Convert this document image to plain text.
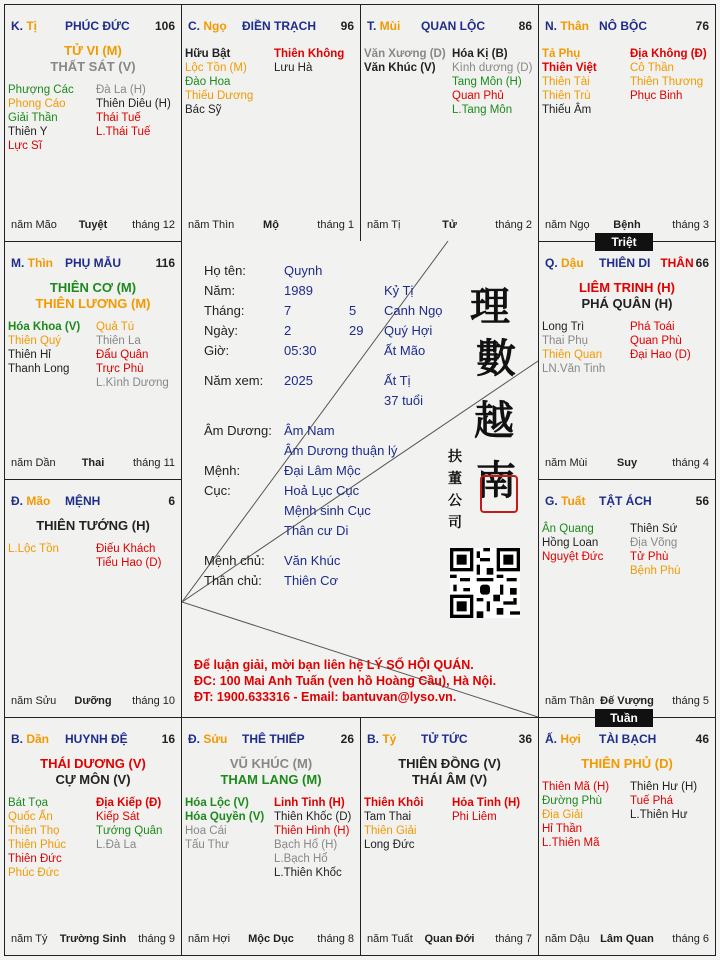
K. Tị PHÚC ĐỨC 106
TỬ VI (M)
THẤT SÁT (V)
Phượng Các
Phong Cáo
Giải Thần
Thiên Y
Lực Sĩ
Đà La (H)
Thiên Diêu (H)
Thái Tuế
L.Thái Tuế
năm Mão Tuyệt tháng 12
C. Ngọ ĐIỀN TRẠCH 96
Hữu Bật
Lộc Tồn (M)
Đào Hoa
Thiếu Dương
Bác Sỹ
Thiên Không
Lưu Hà
năm Thìn	Mộ	tháng 1
T. Mùi QUAN LỘC	86
Văn Xương (D)
Văn Khúc (V)
Hóa Kị (B)
Kình dương (D)
Tang Môn (H)
Quan Phủ
L.Tang Môn
năm Tị	Tử	tháng 2
N. Thân NÔ BỘC	76
Tả Phụ
Thiên Việt
Thiên Tài
Thiên Trù
Thiếu Âm
Địa Không (Đ)
Cô Thần
Thiên Thương
Phục Binh
năm Ngọ Bệnh	tháng 3
M. Thìn PHỤ MẪU	116
THIÊN CƠ (M)
THIÊN LƯƠNG (M)
Hóa Khoa (V)
Thiên Quý
Thiên Hỉ
Thanh Long
Quả Tú
Thiên La
Đẩu Quân
Trực Phù
L.Kình Dương
năm Dần Thai	tháng 11
Q. Dậu THIÊN DI THÂN 66
LIÊM TRINH (H)
PHÁ QUÂN (H)
Long Trì
Thai Phụ
Thiên Quan
LN.Văn Tinh
Phá Toái
Quan Phù
Đại Hao (D)
năm Mùi	Suy	tháng 4
Đ. Mão MỆNH	6
THIÊN TƯỚNG (H)
L.Lộc Tồn	Điếu Khách
Tiểu Hao (D)
năm Sửu Dưỡng tháng 10
G. Tuất TẬT ÁCH	56
Ân Quang
Hồng Loan
Nguyệt Đức
Thiên Sứ
Địa Võng
Tử Phù
Bệnh Phù
năm Thân Đế Vượng tháng 5
B. Dần HUYNH ĐỆ	16
THÁI DƯƠNG (V)
CỰ MÔN (V)
Bát Tọa
Quốc Ấn
Thiên Thọ
Thiên Phúc
Thiên Đức
Phúc Đức
Địa Kiếp (Đ)
Kiếp Sát
Tướng Quân
L.Đà La
năm Tý Trường Sinh tháng 9
Đ. Sửu THÊ THIẾP	26
VŨ KHÚC (M)
THAM LANG (M)
Hóa Lộc (V)
Hóa Quyền (V)
Hoa Cái
Tấu Thư
Linh Tinh (H)
Thiên Khốc (D)
Thiên Hình (H)
Bạch Hổ (H)
L.Bạch Hổ
L.Thiên Khốc
năm Hợi Mộc Dục tháng 8
B. Tý TỬ TỨC	36
THIÊN ĐỒNG (V)
THÁI ÂM (V)
Thiên Khôi
Tam Thai
Thiên Giải
Long Đức
Hỏa Tinh (H)
Phi Liêm
năm Tuất Quan Đới tháng 7
Ấ. Hợi TÀI BẠCH	46
THIÊN PHỦ (D)
Thiên Mã (H)
Đường Phù
Địa Giải
Hỉ Thần
L.Thiên Mã
Thiên Hư (H)
Tuế Phá
L.Thiên Hư
năm Dậu Lâm Quan tháng 6
Họ tên:	Quynh
Năm:	1989	Kỷ Tị
Tháng:	7	5 Canh Ngọ
Ngày:	2	29 Quý Hợi
Giờ:	05:30	Ất Mão
Năm xem: 2025	Ất Tị
37 tuổi
Âm Dương: Âm Nam
Âm Dương thuận lý
Mệnh:	Đại Lâm Mộc
Cục:	Hoả Lục Cục
Mệnh sinh Cục
Thân cư Di
Mệnh chủ: Văn Khúc
Thân chủ: Thiên Cơ
理
數
越
南
扶
董
公
司
Để luận giải, mời bạn liên hệ LÝ SỐ HỘI QUÁN.
ĐC: 100 Mai Anh Tuấn (ven hồ Hoàng Cầu), Hà Nội.
ĐT: 1900.633316 - Email: bantuvan@lyso.vn.
Triệt
Tuần
